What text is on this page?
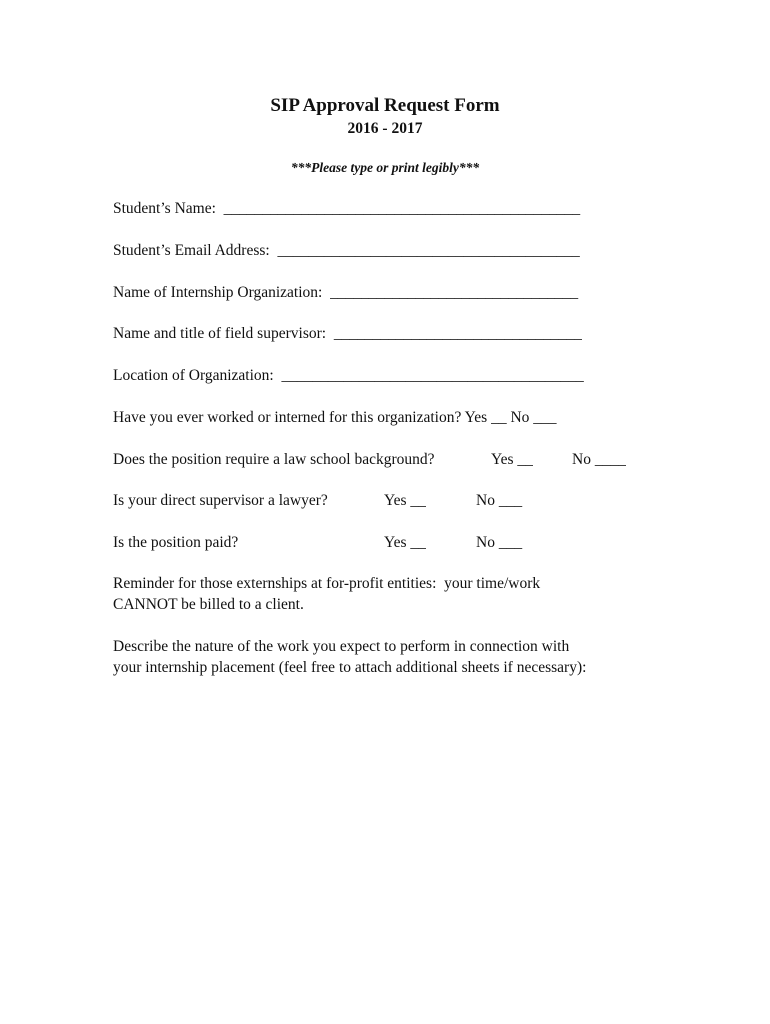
SIP Approval Request Form
2016 - 2017
***Please type or print legibly***
Student’s Name:  ______________________________________________
Student’s Email Address:  _______________________________________
Name of Internship Organization:  ________________________________
Name and title of field supervisor:  ________________________________
Location of Organization:  _______________________________________
Have you ever worked or interned for this organization? Yes __ No ___
Does the position require a law school background?	Yes __	No ____
Is your direct supervisor a lawyer?	Yes __	No ___
Is the position paid?	Yes __	No ___
Reminder for those externships at for-profit entities:  your time/work
CANNOT be billed to a client.
Describe the nature of the work you expect to perform in connection with
your internship placement (feel free to attach additional sheets if necessary):
